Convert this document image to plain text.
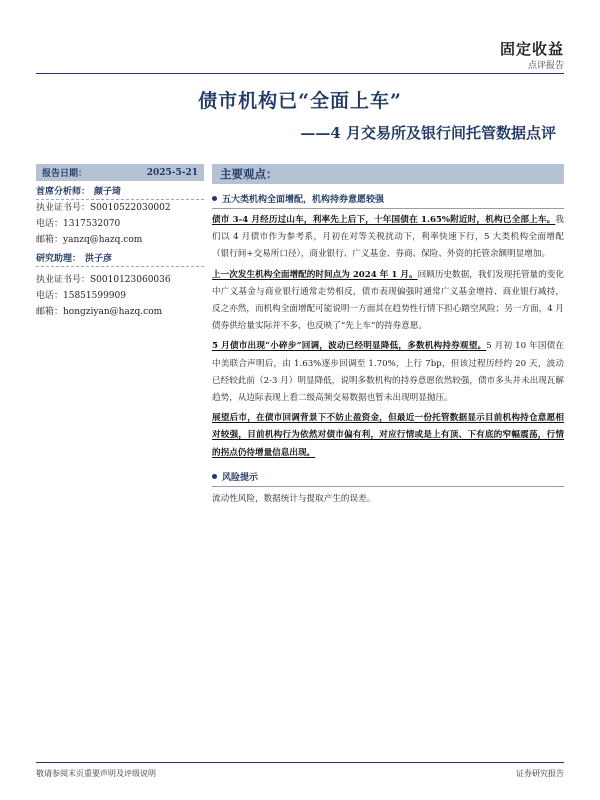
固定收益
点评报告
债市机构已“全面上车”
——4 月交易所及银行间托管数据点评
报告日期：	2025-5-21
首席分析师： 颜子琦
执业证书号：S0010522030002
电话：13175320​70
邮箱：yanzq@hazq.com
研究助理： 洪子彦
执业证书号：S0010123060036
电话：15851599909
邮箱：hongziyan@hazq.com
主要观点：
五大类机构全面增配，机构持券意愿较强

债市 3-4 月经历过山车，利率先上后下，十年国债在 1.65%附近时，机构已全部上车。我们以 4 月债市作为参考系，月初在对等关税扰动下，利率快速下行，5 大类机构全面增配（银行间+交易所口径），商业银行、广义基金、券商、保险、外资的托管余额明显增加。

上一次发生机构全面增配的时间点为 2024 年 1 月。回顾历史数据，我们发现托管量的变化中广义基金与商业银行通常走势相反，债市表现偏强时通常广义基金增持、商业银行减持，反之亦然，而机构全面增配可能说明一方面其在趋势性行情下担心踏空风险；另一方面，4 月债券供给量实际并不多，也反映了“先上车”的持券意愿。

5 月债市出现“小碎步”回调，波动已经明显降低，多数机构持券观望。5 月初 10 年国债在中美联合声明后，由 1.63%逐步回调至 1.70%，上行 7bp，但该过程历经约 20 天，波动已经较此前（2-3 月）明显降低，说明多数机构的持券意愿依然较强，债市多头并未出现瓦解趋势，从边际表现上看二级高频交易数据也暂未出现明显抛压。

展望后市，在债市回调背景下不妨止盈资金，但最近一份托管数据显示目前机构持仓意愿相对较强，目前机构行为依然对债市偏有利，对应行情或是上有顶、下有底的窄幅震荡，行情的拐点仍待增量信息出现。

风险提示

流动性风险，数据统计与提取产生的误差。

敬请参阅末页重要声明及评级说明	证券研究报告
